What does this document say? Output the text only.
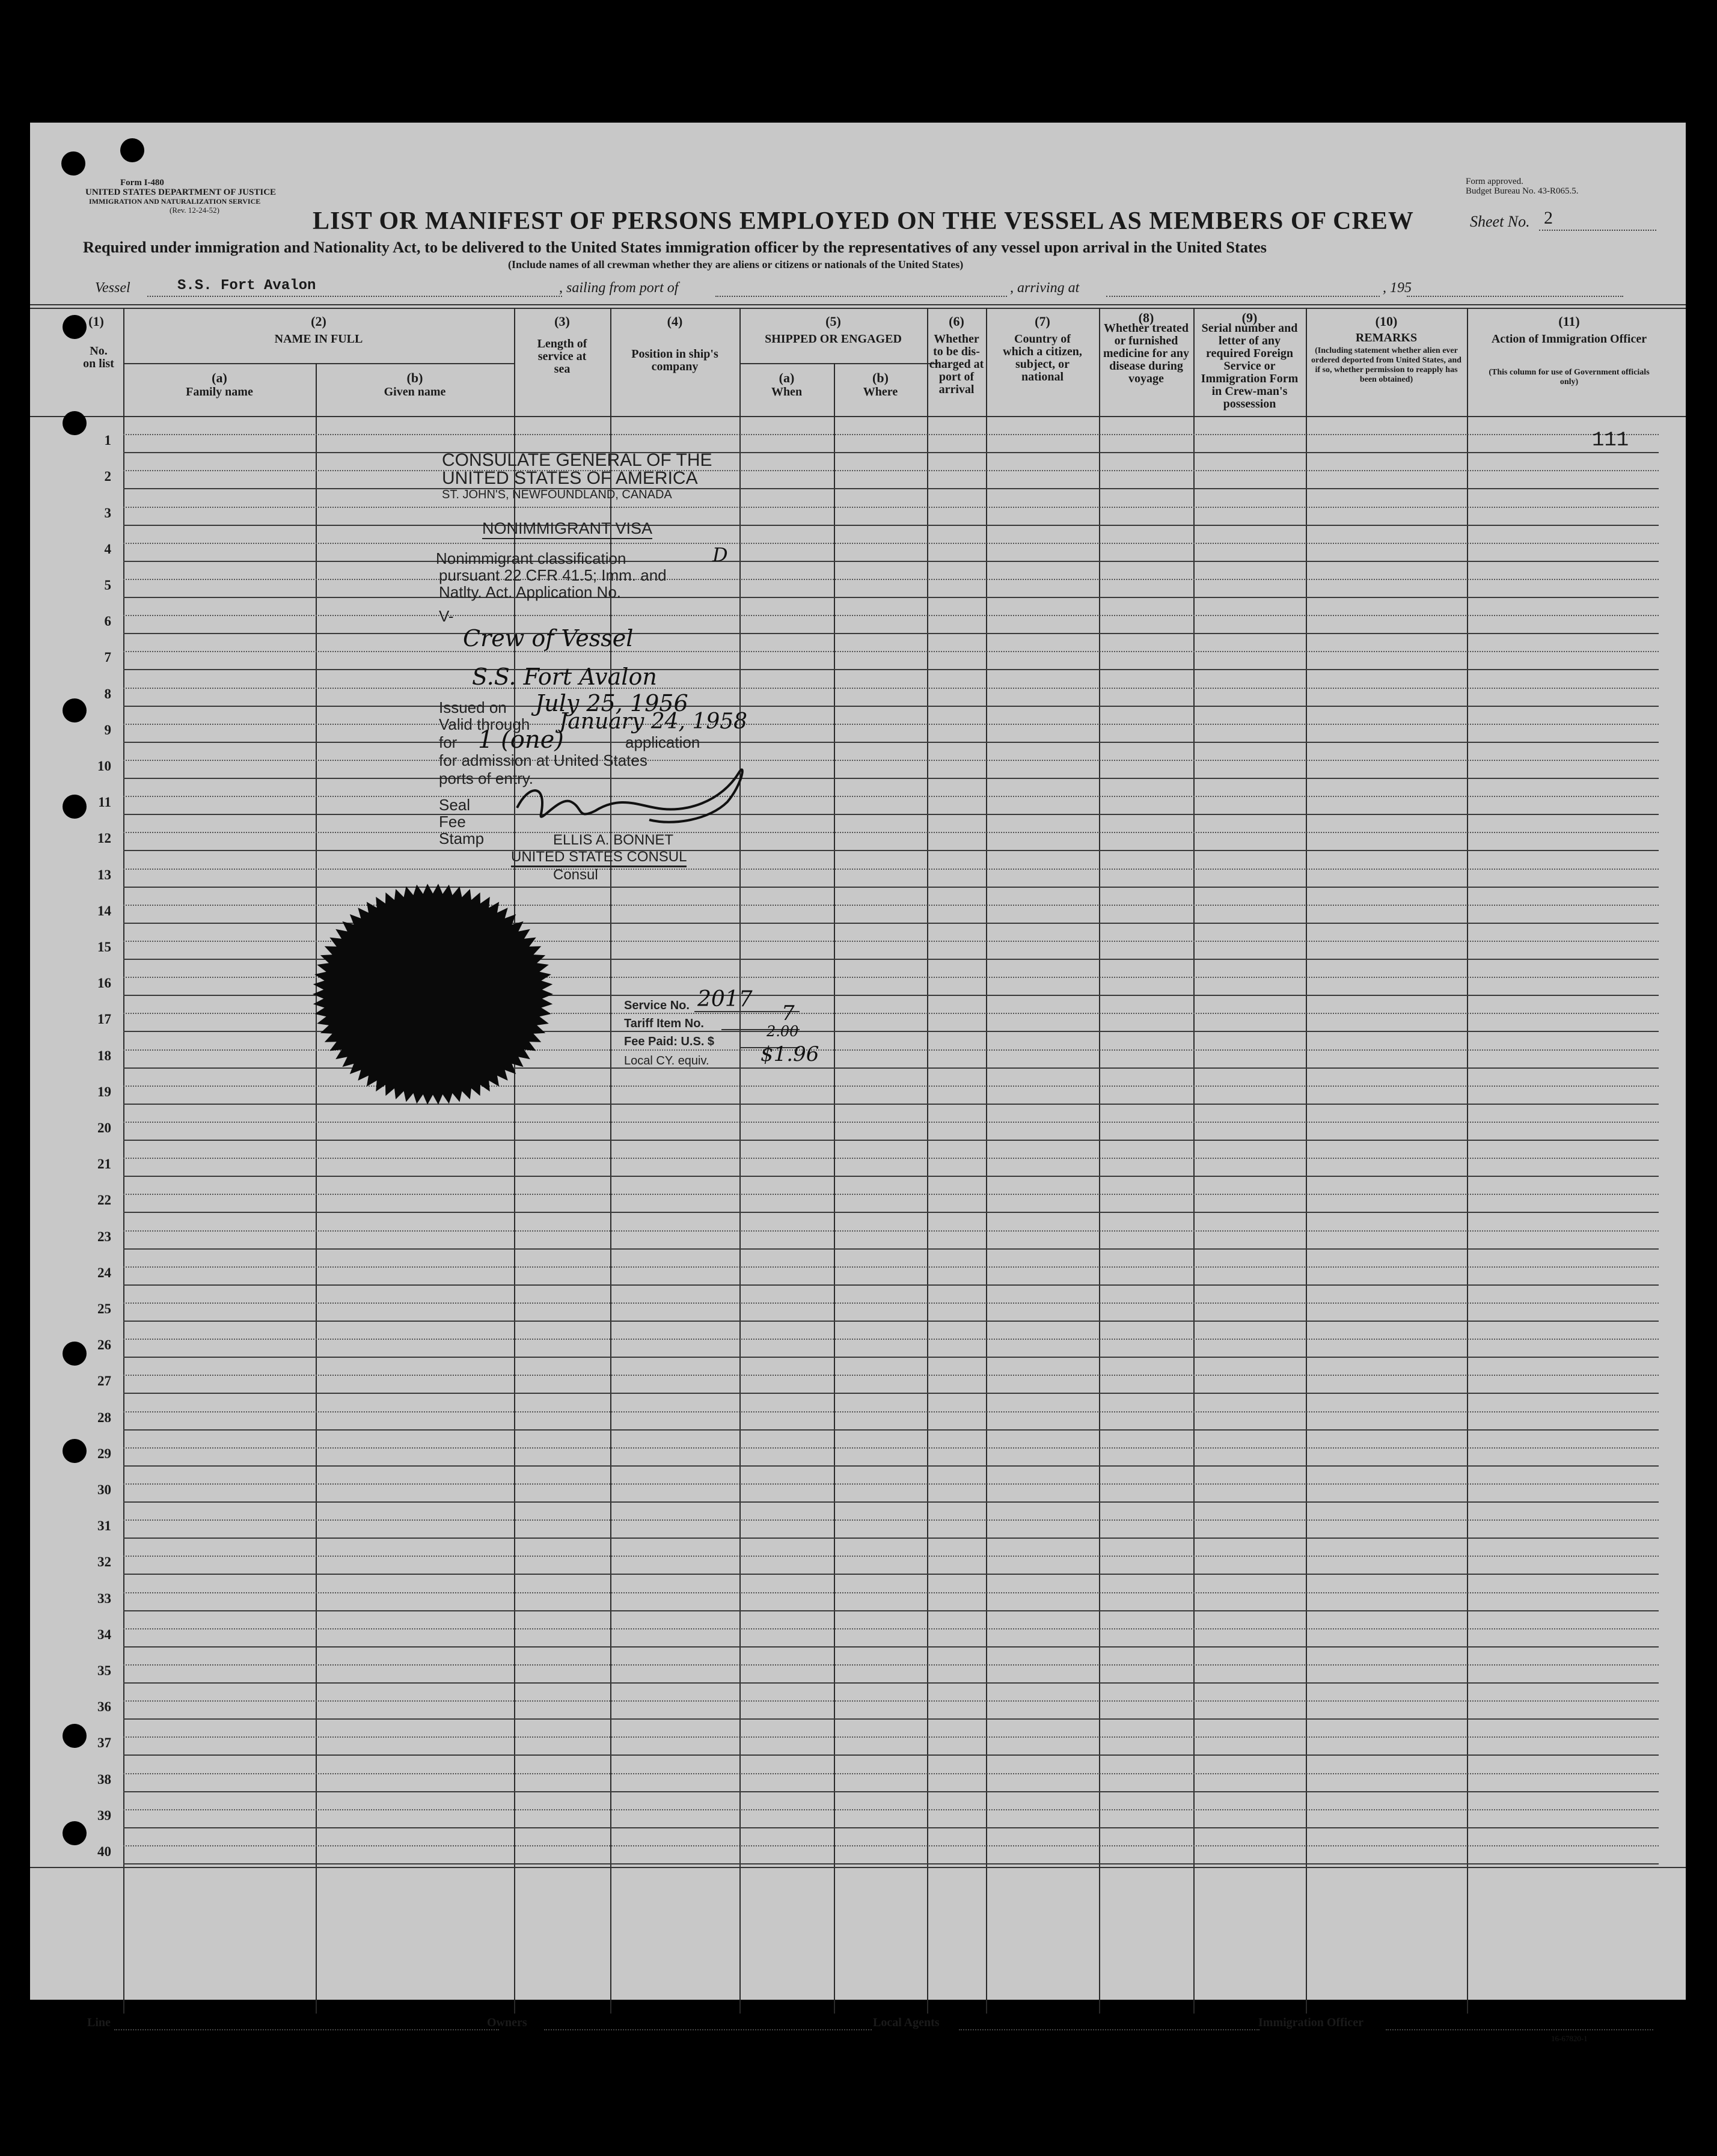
Form I-480
UNITED STATES DEPARTMENT OF JUSTICE
IMMIGRATION AND NATURALIZATION SERVICE
(Rev. 12-24-52)
Form approved.
Budget Bureau No. 43-R065.5.
LIST OR MANIFEST OF PERSONS EMPLOYED ON THE VESSEL AS MEMBERS OF CREW	Sheet No. 2
Required under immigration and Nationality Act, to be delivered to the United States immigration officer by the representatives of any vessel upon arrival in the United States
(Include names of all crewman whether they are aliens or citizens or nationals of the United States)
Vessel	S.S. Fort Avalon	, sailing from port of	, arriving at	, 195
(1)
No. on list
(2)
NAME IN FULL
(a)
Family name
(b)
Given name
(3)
Length of service at sea
(4)
Position in ship's company
(5)
SHIPPED OR ENGAGED
(a)
When
(b)
Where
(6)
Whether to be dis-charged at port of arrival
(7)
Country of which a citizen, subject, or national
(8)
Whether treated or furnished medicine for any disease during voyage
(9)
Serial number and letter of any required Foreign Service or Immigration Form in Crew-man's possession
(10)
REMARKS
(Including statement whether alien ever ordered deported from United States, and if so, whether permission to reapply has been obtained)
(11)
Action of Immigration Officer
(This column for use of Government officials only)
1
2
3
4
5
6
7
8
9
10
11
12
13
14
15
16
17
18
19
20
21
22
23
24
25
26
27
28
29
30
31
32
33
34
35
36
37
38
39
40
111
CONSULATE GENERAL OF THE
UNITED STATES OF AMERICA
ST. JOHN'S, NEWFOUNDLAND, CANADA
NONIMMIGRANT VISA
Nonimmigrant classification	D
pursuant 22 CFR 41.5; Imm. and
Natlty. Act. Application No.
V-
Crew of Vessel
S.S. Fort Avalon
Issued on July 25, 1956
Valid through January 24, 1958
for 1 (one)	application
for admission at United States
ports of entry.
Seal
Fee
Stamp	ELLIS A. BONNET
UNITED STATES CONSUL
Consul
Service No. 2017
Tariff Item No.	7
Fee Paid: U.S. $
2.00
Local CY. equiv.	$1.96
Line	Owners	Local Agents	Immigration Officer
16-67820-1
